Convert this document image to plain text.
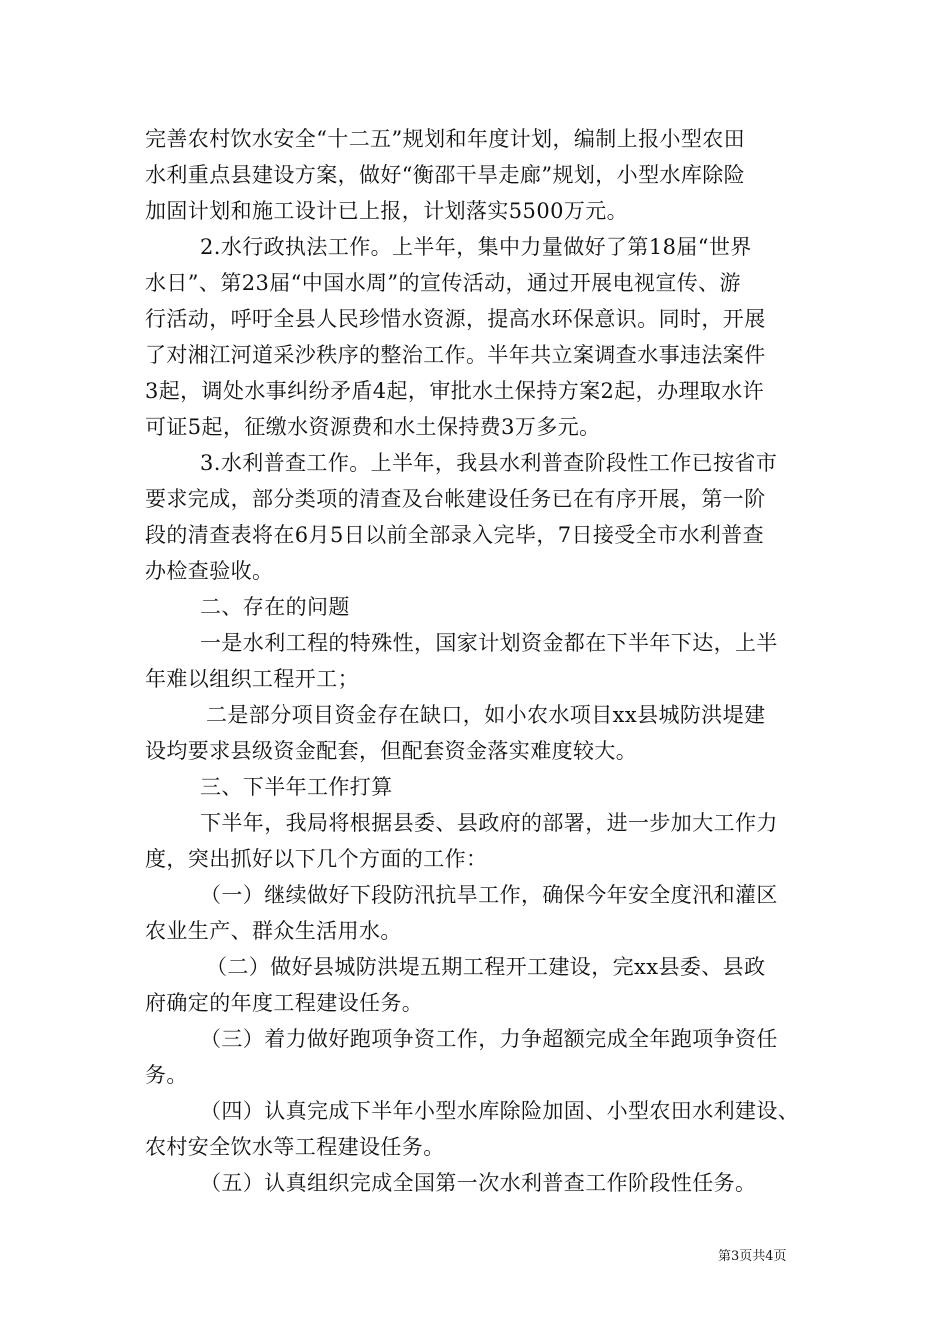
完善农村饮水安全“十二五”规划和年度计划，编制上报小型农田
水利重点县建设方案，做好“衡邵干旱走廊”规划，小型水库除险
加固计划和施工设计已上报，计划落实5500万元。
2.水行政执法工作。上半年，集中力量做好了第18届“世界
水日”、第23届“中国水周”的宣传活动，通过开展电视宣传、游
行活动，呼吁全县人民珍惜水资源，提高水环保意识。同时，开展
了对湘江河道采沙秩序的整治工作。半年共立案调查水事违法案件
3起，调处水事纠纷矛盾4起，审批水土保持方案2起，办理取水许
可证5起，征缴水资源费和水土保持费3万多元。
3.水利普查工作。上半年，我县水利普查阶段性工作已按省市
要求完成，部分类项的清查及台帐建设任务已在有序开展，第一阶
段的清查表将在6月5日以前全部录入完毕，7日接受全市水利普查
办检查验收。
二、存在的问题
一是水利工程的特殊性，国家计划资金都在下半年下达，上半
年难以组织工程开工；
二是部分项目资金存在缺口，如小农水项目xx县城防洪堤建
设均要求县级资金配套，但配套资金落实难度较大。
三、下半年工作打算
下半年，我局将根据县委、县政府的部署，进一步加大工作力
度，突出抓好以下几个方面的工作：
（一）继续做好下段防汛抗旱工作，确保今年安全度汛和灌区
农业生产、群众生活用水。
（二）做好县城防洪堤五期工程开工建设，完xx县委、县政
府确定的年度工程建设任务。
（三）着力做好跑项争资工作，力争超额完成全年跑项争资任
务。
（四）认真完成下半年小型水库除险加固、小型农田水利建设、
农村安全饮水等工程建设任务。
（五）认真组织完成全国第一次水利普查工作阶段性任务。
第3页共4页
